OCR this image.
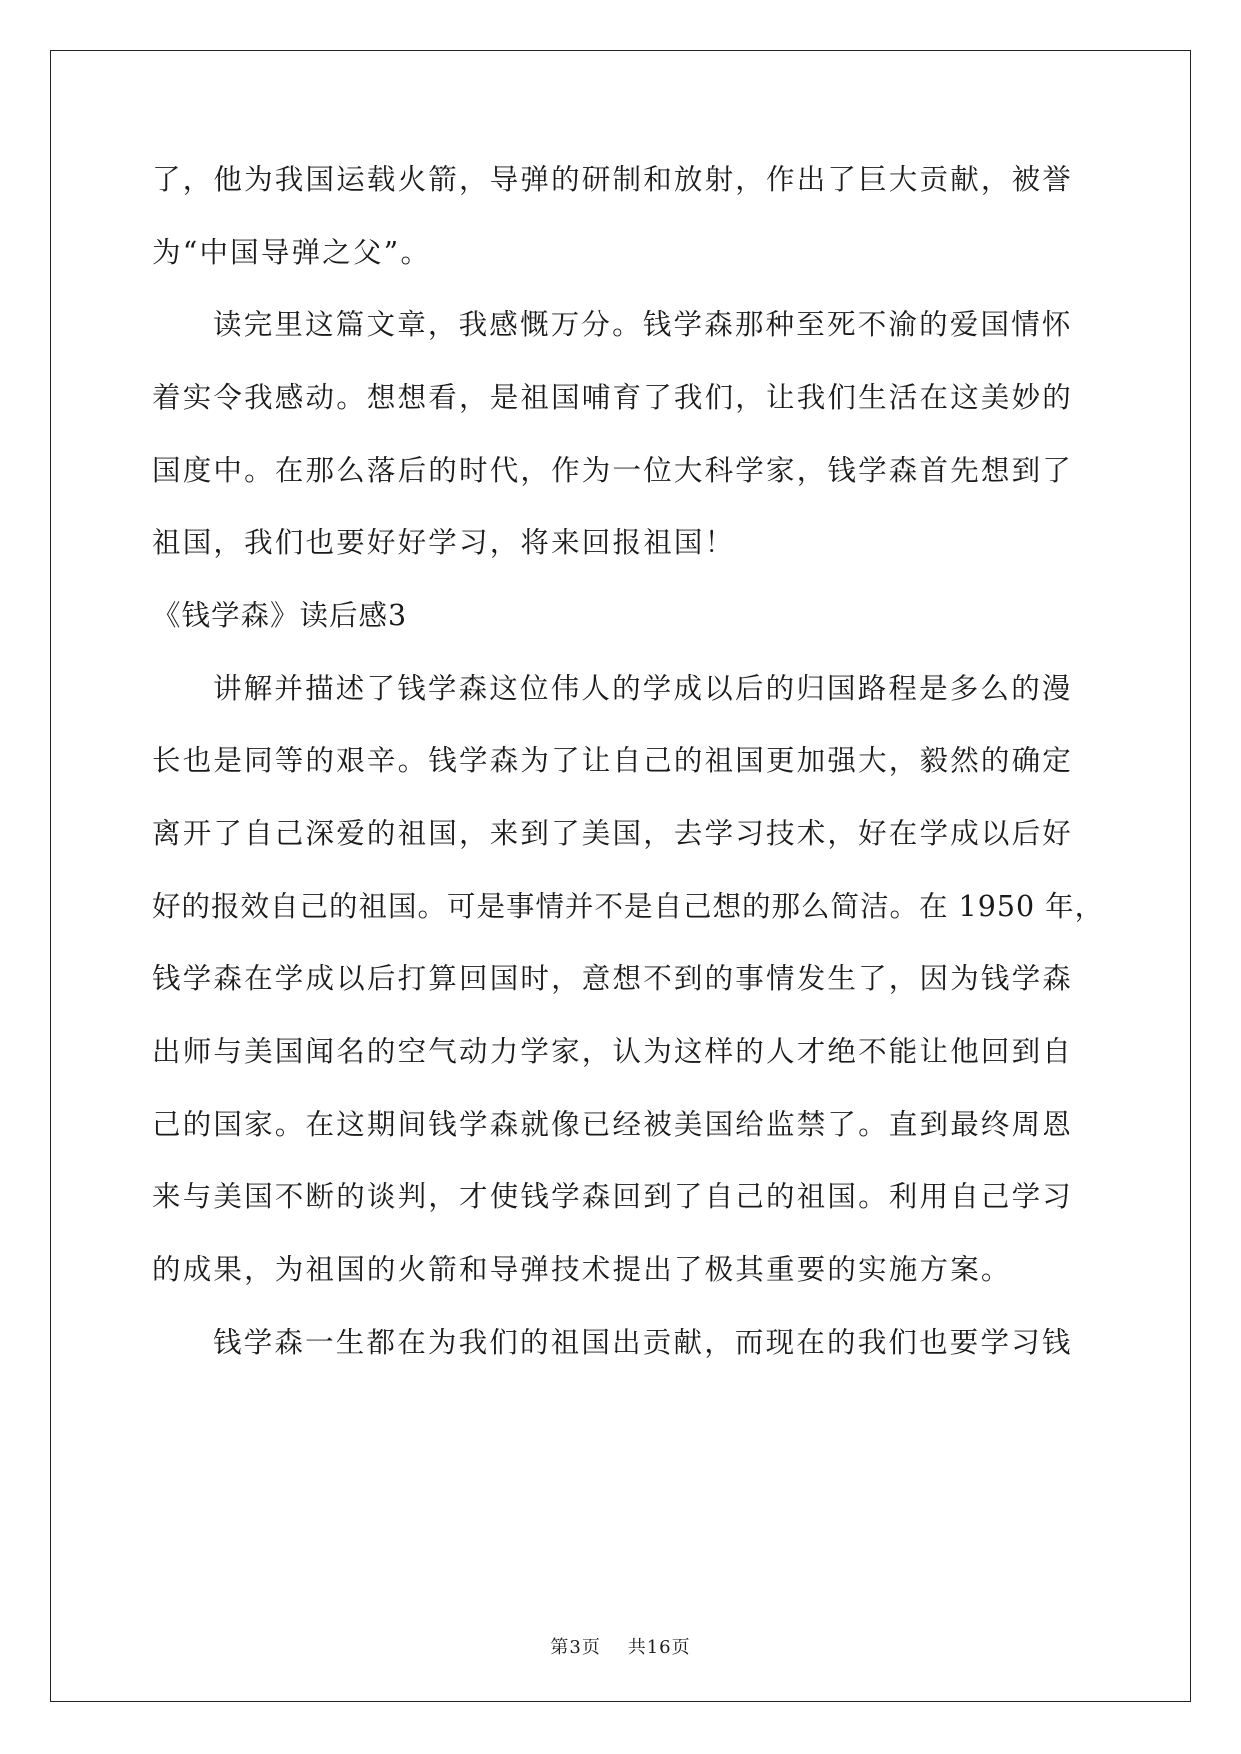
了，他为我国运载火箭，导弹的研制和放射，作出了巨大贡献，被誉
为“中国导弹之父”。
读完里这篇文章，我感慨万分。钱学森那种至死不渝的爱国情怀
着实令我感动。想想看，是祖国哺育了我们，让我们生活在这美妙的
国度中。在那么落后的时代，作为一位大科学家，钱学森首先想到了
祖国，我们也要好好学习，将来回报祖国！
《钱学森》读后感3
讲解并描述了钱学森这位伟人的学成以后的归国路程是多么的漫
长也是同等的艰辛。钱学森为了让自己的祖国更加强大，毅然的确定
离开了自己深爱的祖国，来到了美国，去学习技术，好在学成以后好
好的报效自己的祖国。可是事情并不是自己想的那么简洁。在 1950 年，
钱学森在学成以后打算回国时，意想不到的事情发生了，因为钱学森
出师与美国闻名的空气动力学家，认为这样的人才绝不能让他回到自
己的国家。在这期间钱学森就像已经被美国给监禁了。直到最终周恩
来与美国不断的谈判，才使钱学森回到了自己的祖国。利用自己学习
的成果，为祖国的火箭和导弹技术提出了极其重要的实施方案。
钱学森一生都在为我们的祖国出贡献，而现在的我们也要学习钱
第3页    共16页
